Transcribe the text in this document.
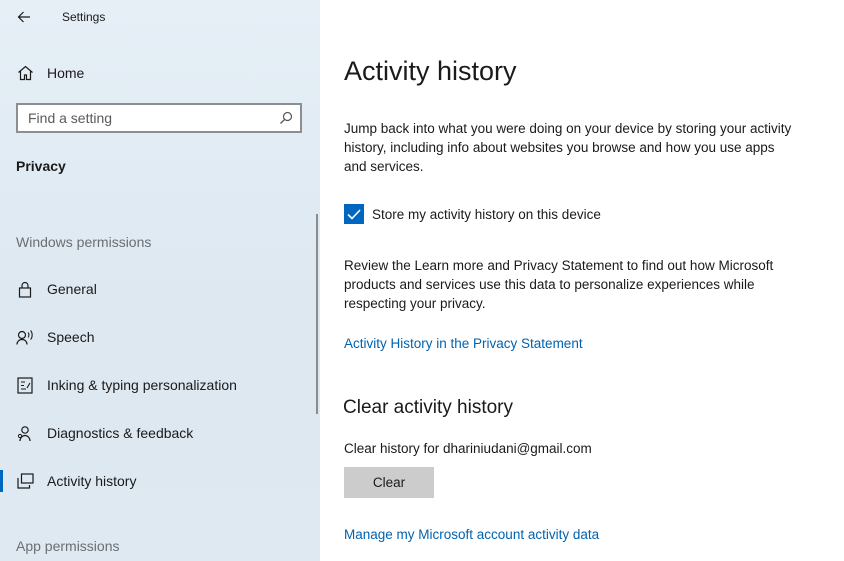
Settings
Home
Find a setting
Privacy
Windows permissions
General
Speech
Inking & typing personalization
Diagnostics & feedback
Activity history
App permissions
Activity history

Jump back into what you were doing on your device by storing your activity history, including info about websites you browse and how you use apps and services.

Store my activity history on this device

Review the Learn more and Privacy Statement to find out how Microsoft products and services use this data to personalize experiences while respecting your privacy.

Activity History in the Privacy Statement
Clear activity history
Clear history for dhariniudani@gmail.com
Clear
Manage my Microsoft account activity data
